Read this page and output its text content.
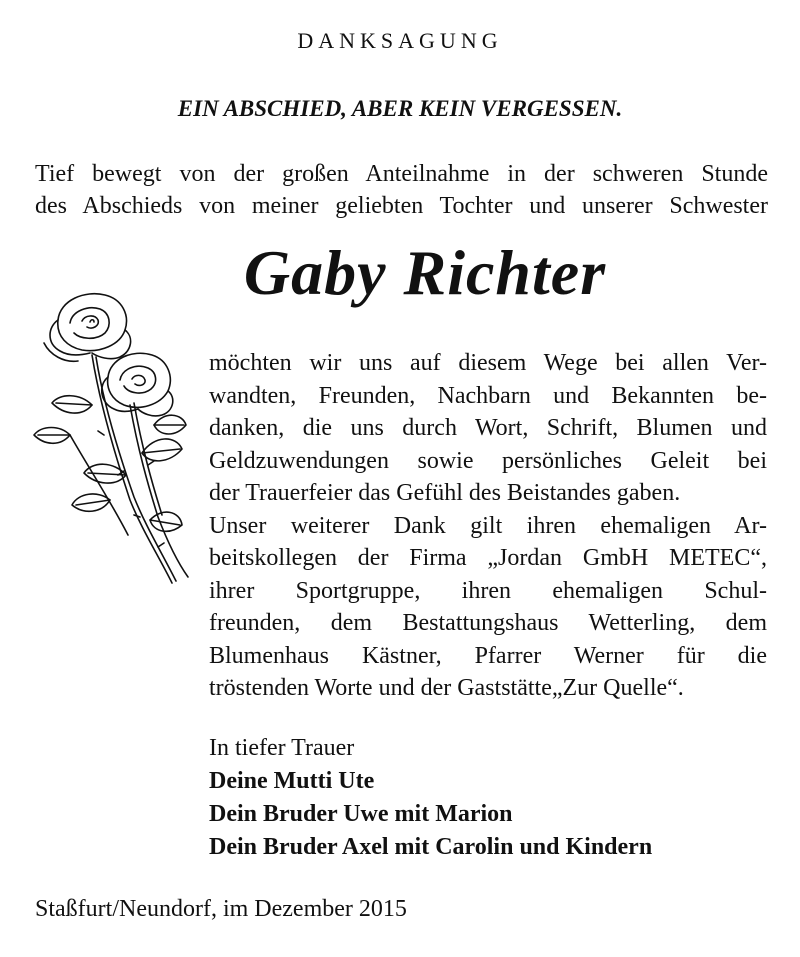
DANKSAGUNG
EIN ABSCHIED, ABER KEIN VERGESSEN.
Tief bewegt von der großen Anteilnahme in der schweren Stunde
des Abschieds von meiner geliebten Tochter und unserer Schwester
Gaby Richter
möchten wir uns auf diesem Wege bei allen Ver-
wandten, Freunden, Nachbarn und Bekannten be-
danken, die uns durch Wort, Schrift, Blumen und
Geldzuwendungen sowie persönliches Geleit bei
der Trauerfeier das Gefühl des Beistandes gaben.
Unser weiterer Dank gilt ihren ehemaligen Ar-
beitskollegen der Firma „Jordan GmbH METEC“,
ihrer Sportgruppe, ihren ehemaligen Schul-
freunden, dem Bestattungshaus Wetterling, dem
Blumenhaus Kästner, Pfarrer Werner für die
tröstenden Worte und der Gaststätte„Zur Quelle“.
In tiefer Trauer
Deine Mutti Ute
Dein Bruder Uwe mit Marion
Dein Bruder Axel mit Carolin und Kindern
Staßfurt/Neundorf, im Dezember 2015
